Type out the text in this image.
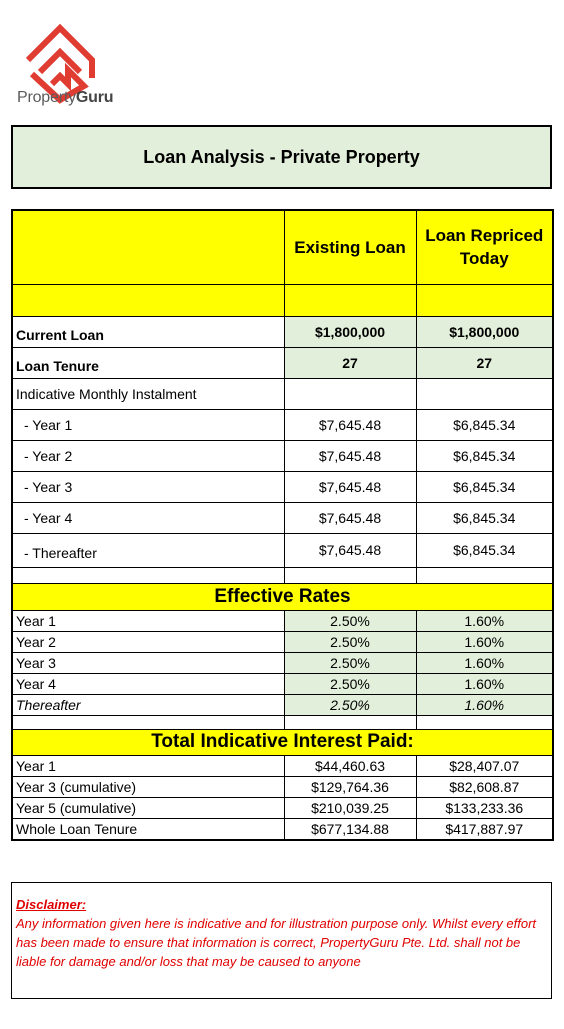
PropertyGuru
Loan Analysis - Private Property
	Existing Loan	Loan Repriced Today

Current Loan	$1,800,000	$1,800,000
Loan Tenure	27	27
Indicative Monthly Instalment		
- Year 1	$7,645.48	$6,845.34
- Year 2	$7,645.48	$6,845.34
- Year 3	$7,645.48	$6,845.34
- Year 4	$7,645.48	$6,845.34
- Thereafter	$7,645.48	$6,845.34

Effective Rates		
Year 1	2.50%	1.60%
Year 2	2.50%	1.60%
Year 3	2.50%	1.60%
Year 4	2.50%	1.60%
Thereafter	2.50%	1.60%

Total Indicative Interest Paid:		
Year 1	$44,460.63	$28,407.07
Year 3 (cumulative)	$129,764.36	$82,608.87
Year 5 (cumulative)	$210,039.25	$133,233.36
Whole Loan Tenure	$677,134.88	$417,887.97
Disclaimer:
Any information given here is indicative and for illustration purpose only. Whilst every effort has been made to ensure that information is correct, PropertyGuru Pte. Ltd. shall not be liable for damage and/or loss that may be caused to anyone
